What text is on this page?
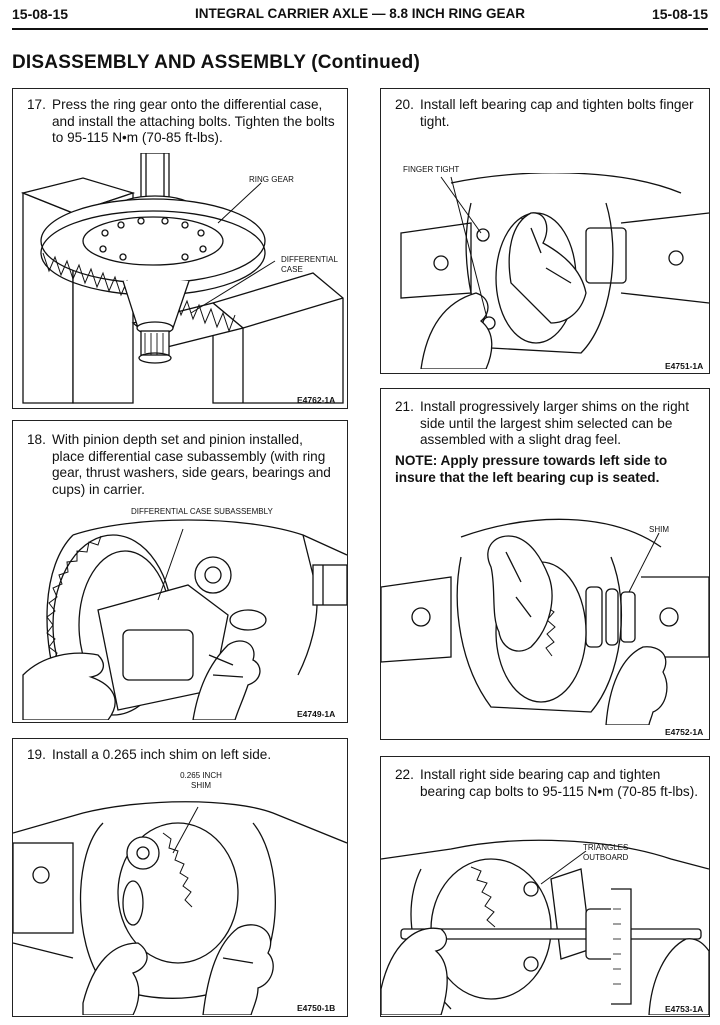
15-08-15	INTEGRAL CARRIER AXLE — 8.8 INCH RING GEAR	15-08-15
DISASSEMBLY AND ASSEMBLY (Continued)
17. Press the ring gear onto the differential case, and install the attaching bolts. Tighten the bolts to 95-115 N•m (70-85 ft-lbs).
RING GEAR
DIFFERENTIAL CASE
E4762-1A
18. With pinion depth set and pinion installed, place differential case subassembly (with ring gear, thrust washers, side gears, bearings and cups) in carrier.
DIFFERENTIAL CASE SUBASSEMBLY
E4749-1A
19. Install a 0.265 inch shim on left side.
0.265 INCH SHIM
E4750-1B
20. Install left bearing cap and tighten bolts finger tight.
FINGER TIGHT
E4751-1A
21. Install progressively larger shims on the right side until the largest shim selected can be assembled with a slight drag feel.
NOTE: Apply pressure towards left side to insure that the left bearing cup is seated.
SHIM
E4752-1A
22. Install right side bearing cap and tighten bearing cap bolts to 95-115 N•m (70-85 ft-lbs).
TRIANGLES OUTBOARD
E4753-1A
